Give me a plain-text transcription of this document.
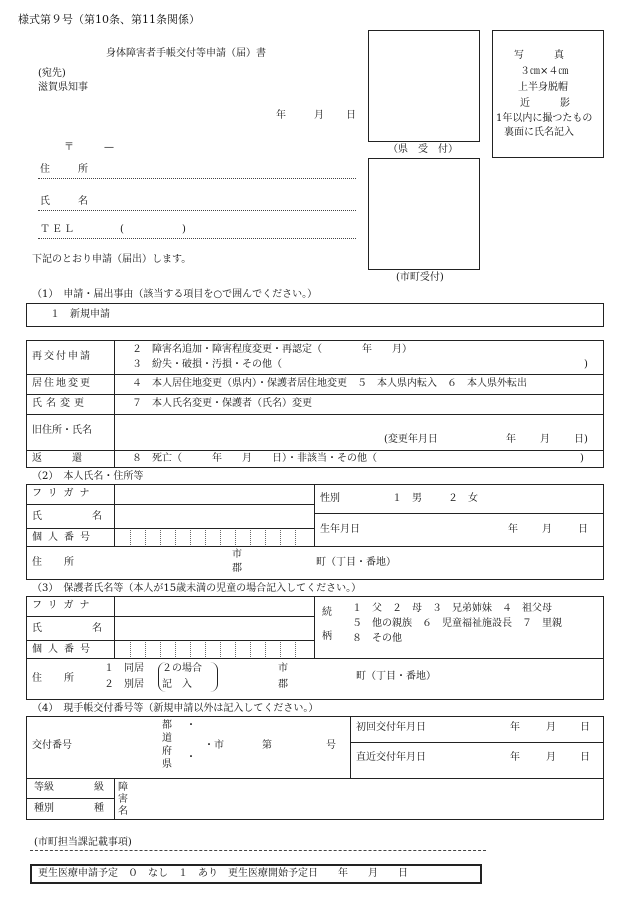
様式第９号（第10条、第11条関係）
身体障害者手帳交付等申請（届）書
(宛先)
滋賀県知事
年	月 日
〒	—
住　所
氏　名
ＴＥＬ	(	)
下記のとおり申請（届出）します。
（県　受　付）
(市町受付)
写　　　真
３㎝×４㎝
上半身脱帽
近　　　影
1年以内に撮つたもの
裏面に氏名記入
（1）　申請・届出事由（該当する項目を○で囲んでください。）
１　新規申請
再交付申請
２　障害名追加・障害程度変更・再認定（　　　　年　　月）
３　紛失・破損・汚損・その他（	)
居住地変更	４　本人居住地変更（県内）・保護者居住地変更　５　本人県内転入　６　本人県外転出
氏名変更	７　本人氏名変更・保護者（氏名）変更
旧住所・氏名
(変更年月日	年 月 日)
返　　　還	８　死亡（　　　年　　月　　日）・非該当・その他（	)
（2）　本人氏名・住所等
フリガナ
氏　　　　　名
個人番号
性別	１　男	２　女
生年月日	年 月	日
住　所
市
郡
町（丁目・番地）
（3）　保護者氏名等（本人が15歳未満の児童の場合記入してください。）
フリガナ
氏　　　　　名
個人番号
続
柄
１　父　２　母　３　兄弟姉妹　４　祖父母
５　他の親族　６　児童福祉施設長　７　里親
８　その他
住　所
１　同居
２　別居
２の場合
記　入
市
郡
町（丁目・番地）
（4）　現手帳交付番号等（新規申請以外は記入してください。）
交付番号
都 ・
道
府
・
県
・市	第	号
初回交付年月日	年	月 日
直近交付年月日	年	月 日
等級	級
種別	種
障
害
名
(市町担当課記載事項)
更生医療申請予定　０　なし　１　あり　更生医療開始予定日　　年　　月　　日
